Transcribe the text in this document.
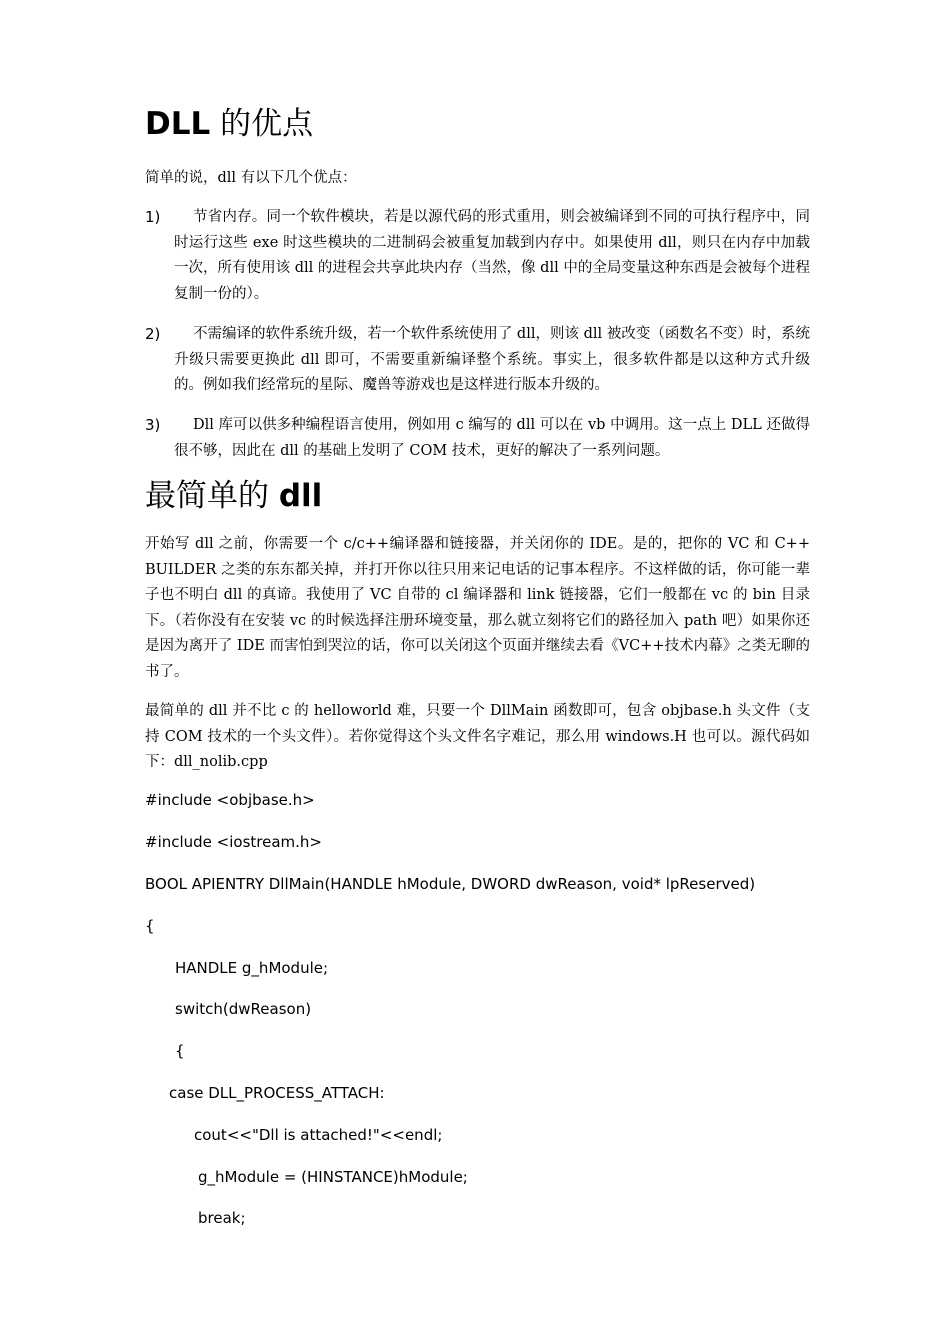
DLL 的优点
简单的说，dll 有以下几个优点：
1)	节省内存。同一个软件模块，若是以源代码的形式重用，则会被编译到不同的可执行程序中，同时运行这些 exe 时这些模块的二进制码会被重复加载到内存中。如果使用 dll，则只在内存中加载一次，所有使用该 dll 的进程会共享此块内存（当然，像 dll 中的全局变量这种东西是会被每个进程复制一份的）。
2)	不需编译的软件系统升级，若一个软件系统使用了 dll，则该 dll 被改变（函数名不变）时，系统升级只需要更换此 dll 即可，不需要重新编译整个系统。事实上，很多软件都是以这种方式升级的。例如我们经常玩的星际、魔兽等游戏也是这样进行版本升级的。
3)	Dll 库可以供多种编程语言使用，例如用 c 编写的 dll 可以在 vb 中调用。这一点上 DLL 还做得很不够，因此在 dll 的基础上发明了 COM 技术，更好的解决了一系列问题。
最简单的 dll
开始写 dll 之前，你需要一个 c/c++编译器和链接器，并关闭你的 IDE。是的，把你的 VC 和 C++ BUILDER 之类的东东都关掉，并打开你以往只用来记电话的记事本程序。不这样做的话，你可能一辈子也不明白 dll 的真谛。我使用了 VC 自带的 cl 编译器和 link 链接器，它们一般都在 vc 的 bin 目录下。（若你没有在安装 vc 的时候选择注册环境变量，那么就立刻将它们的路径加入 path 吧）如果你还是因为离开了 IDE 而害怕到哭泣的话，你可以关闭这个页面并继续去看《VC++技术内幕》之类无聊的书了。
最简单的 dll 并不比 c 的 helloworld 难，只要一个 DllMain 函数即可，包含 objbase.h 头文件（支持 COM 技术的一个头文件）。若你觉得这个头文件名字难记，那么用 windows.H 也可以。源代码如下：dll_nolib.cpp
#include <objbase.h>
#include <iostream.h>
BOOL APIENTRY DllMain(HANDLE hModule, DWORD dwReason, void* lpReserved)
{
HANDLE g_hModule;
switch(dwReason)
{
case DLL_PROCESS_ATTACH:
cout<<"Dll is attached!"<<endl;
g_hModule = (HINSTANCE)hModule;
break;
